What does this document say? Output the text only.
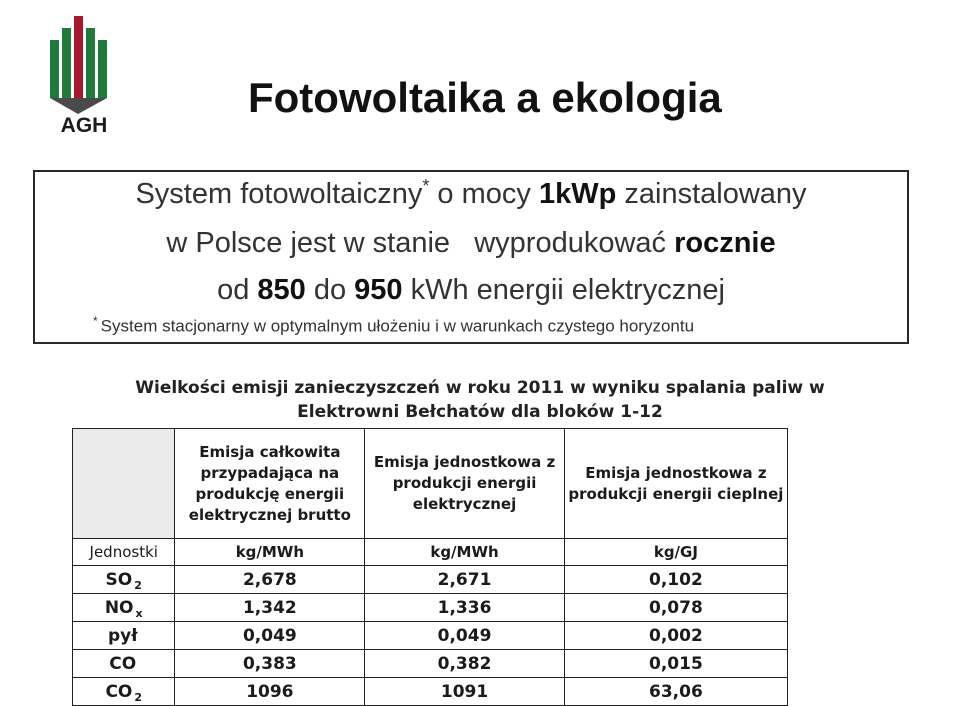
AGH
Fotowoltaika a ekologia
System fotowoltaiczny* o mocy 1kWp zainstalowany
w Polsce jest w stanie   wyprodukować rocznie
od 850 do 950 kWh energii elektrycznej
* System stacjonarny w optymalnym ułożeniu i w warunkach czystego horyzontu
Wielkości emisji zanieczyszczeń w roku 2011 w wyniku spalania paliw w
Elektrowni Bełchatów dla bloków 1-12
	Emisja całkowita przypadająca na produkcję energii elektrycznej brutto	Emisja jednostkowa z produkcji energii elektrycznej	Emisja jednostkowa z produkcji energii cieplnej
Jednostki	kg/MWh	kg/MWh	kg/GJ
SO $_2$	2,678	2,671	0,102
NO $_x$	1,342	1,336	0,078
pył	0,049	0,049	0,002
CO	0,383	0,382	0,015
CO $_2$	1096	1091	63,06
